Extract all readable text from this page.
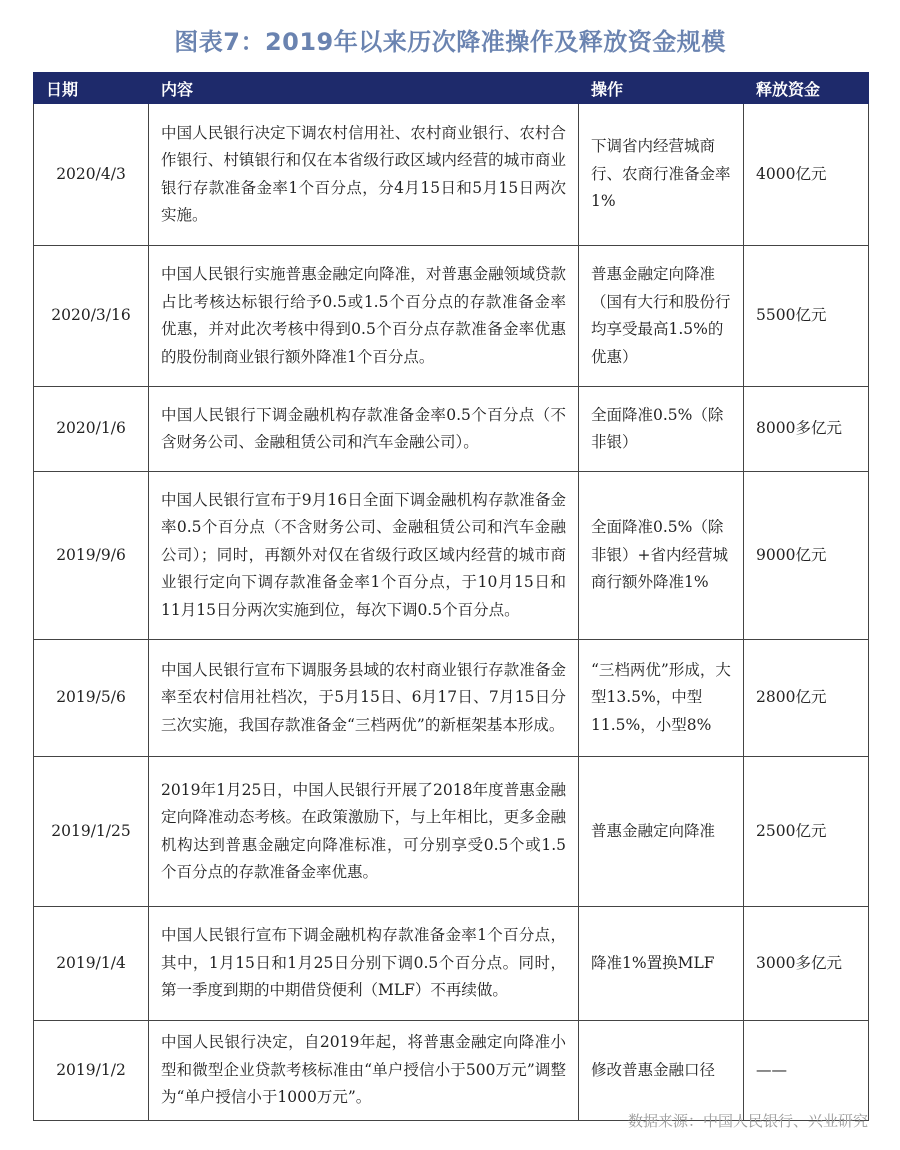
图表7：2019年以来历次降准操作及释放资金规模
日期	内容	操作	释放资金
2020/4/3	中国人民银行决定下调农村信用社、农村商业银行、农村合作银行、村镇银行和仅在本省级行政区域内经营的城市商业银行存款准备金率1个百分点，分4月15日和5月15日两次实施。	下调省内经营城商行、农商行准备金率1%	4000亿元
2020/3/16	中国人民银行实施普惠金融定向降准，对普惠金融领域贷款占比考核达标银行给予0.5或1.5个百分点的存款准备金率优惠，并对此次考核中得到0.5个百分点存款准备金率优惠的股份制商业银行额外降准1个百分点。	普惠金融定向降准（国有大行和股份行均享受最高1.5%的优惠）	5500亿元
2020/1/6	中国人民银行下调金融机构存款准备金率0.5个百分点（不含财务公司、金融租赁公司和汽车金融公司）。	全面降准0.5%（除非银）	8000多亿元
2019/9/6	中国人民银行宣布于9月16日全面下调金融机构存款准备金率0.5个百分点（不含财务公司、金融租赁公司和汽车金融公司）；同时，再额外对仅在省级行政区域内经营的城市商业银行定向下调存款准备金率1个百分点，于10月15日和11月15日分两次实施到位，每次下调0.5个百分点。	全面降准0.5%（除非银）+省内经营城商行额外降准1%	9000亿元
2019/5/6	中国人民银行宣布下调服务县域的农村商业银行存款准备金率至农村信用社档次，于5月15日、6月17日、7月15日分三次实施，我国存款准备金“三档两优”的新框架基本形成。	“三档两优”形成，大型13.5%，中型11.5%，小型8%	2800亿元
2019/1/25	2019年1月25日，中国人民银行开展了2018年度普惠金融定向降准动态考核。在政策激励下，与上年相比，更多金融机构达到普惠金融定向降准标准，可分别享受0.5个或1.5个百分点的存款准备金率优惠。	普惠金融定向降准	2500亿元
2019/1/4	中国人民银行宣布下调金融机构存款准备金率1个百分点，其中，1月15日和1月25日分别下调0.5个百分点。同时，第一季度到期的中期借贷便利（MLF）不再续做。	降准1%置换MLF	3000多亿元
2019/1/2	中国人民银行决定，自2019年起，将普惠金融定向降准小型和微型企业贷款考核标准由“单户授信小于500万元”调整为“单户授信小于1000万元”。	修改普惠金融口径	——
数据来源：中国人民银行、兴业研究
